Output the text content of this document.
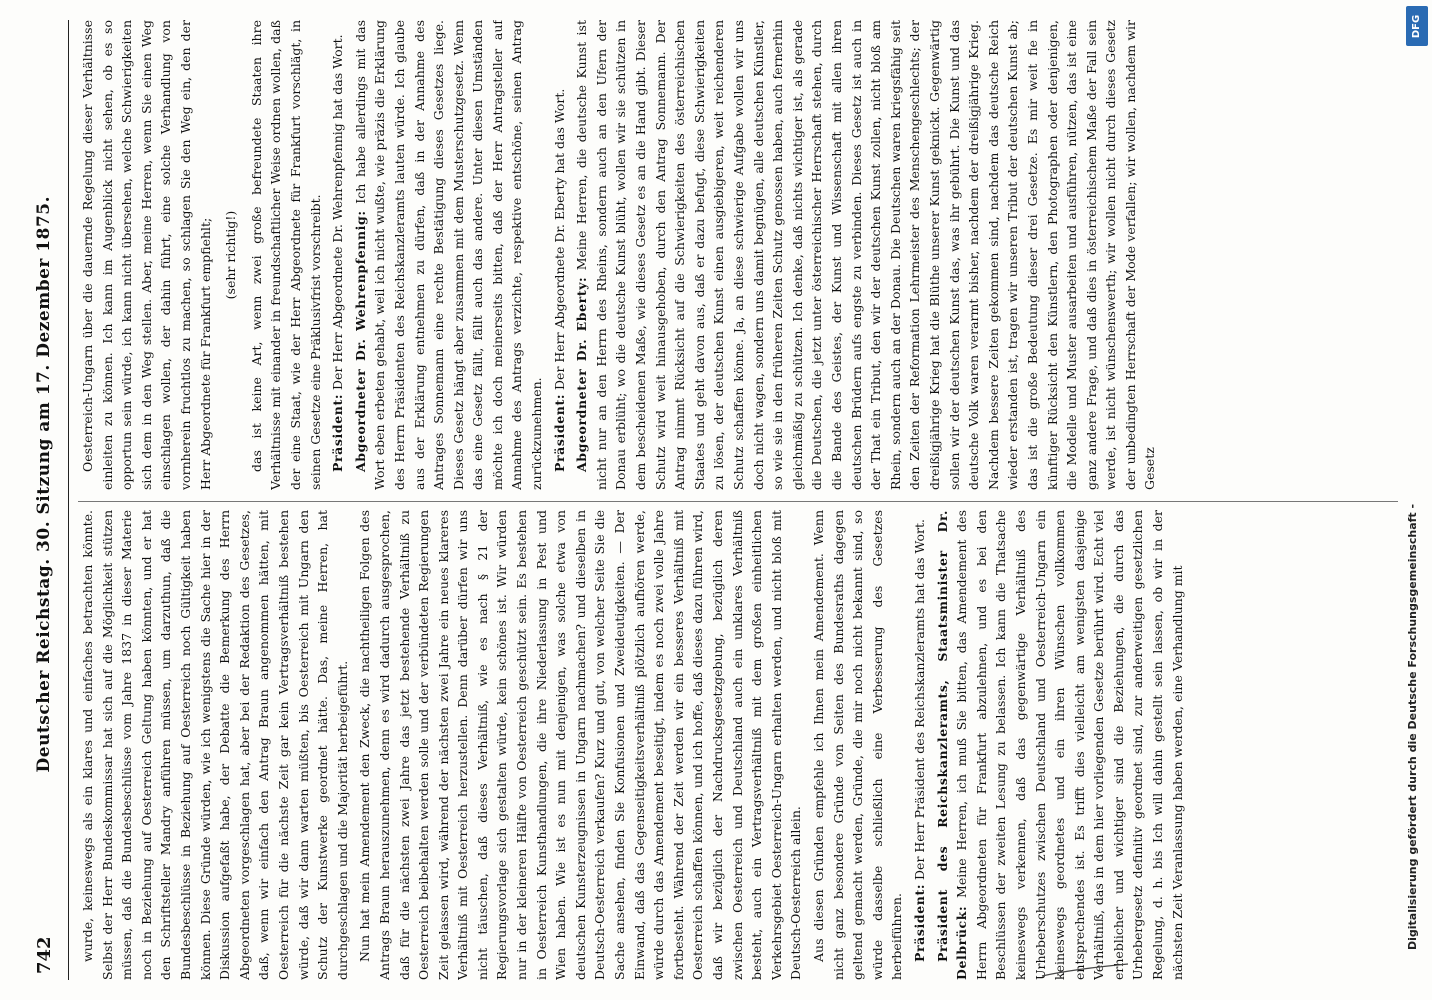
742
Deutscher Reichstag. 30. Sitzung am 17. Dezember 1875. wurde, keineswegs als ein klares und einfaches betrachten könnte. Selbst der Herr Bundeskommissar hat sich auf die Möglichkeit stützen müssen, daß die Bundesbeschlüsse vom Jahre 1837 in dieser Materie noch in Beziehung auf Oesterreich Geltung haben könnten, und er hat den Schriftsteller Mandry anführen müssen, um darzuthun, daß die Bundesbeschlüsse in Beziehung auf Oesterreich noch Gültigkeit haben können. Diese Gründe würden, wie ich wenigstens die Sache hier in der Diskussion aufgefaßt habe, der Debatte die Bemerkung des Herrn Abgeordneten vorgeschlagen hat, aber bei der Redaktion des Gesetzes, daß, wenn wir einfach den Antrag Braun angenommen hätten, mit Oesterreich für die nächste Zeit gar kein Vertragsverhältniß bestehen würde, daß wir dann warten müßten, bis Oesterreich mit Ungarn den Schutz der Kunstwerke geordnet hätte. Das, meine Herren, hat durchgeschlagen und die Majorität herbeigeführt. Nun hat mein Amendement den Zweck, die nachtheiligen Folgen des Antrags Braun herauszunehmen, denn es wird dadurch ausgesprochen, daß für die nächsten zwei Jahre das jetzt bestehende Verhältniß zu Oesterreich beibehalten werden solle und der verbündeten Regierungen Zeit gelassen wird, während der nächsten zwei Jahre ein neues klareres Verhältniß mit Oesterreich herzustellen. Denn darüber dürfen wir uns nicht täuschen, daß dieses Verhältniß, wie es nach § 21 der Regierungsvorlage sich gestalten würde, kein schönes ist. Wir würden nur in der kleineren Hälfte von Oesterreich geschützt sein. Es bestehen in Oesterreich Kunsthandlungen, die ihre Niederlassung in Pest und Wien haben. Wie ist es nun mit denjenigen, was solche etwa von deutschen Kunsterzeugnissen in Ungarn nachmachen? und dieselben in Deutsch-Oesterreich verkaufen? Kurz und gut, von welcher Seite Sie die Sache ansehen, finden Sie Konfusionen und Zweideutigkeiten. — Der Einwand, daß das Gegenseitigkeitsverhältniß plötzlich aufhören werde, würde durch das Amendement beseitigt, indem es noch zwei volle Jahre fortbesteht. Während der Zeit werden wir ein besseres Verhältniß mit Oesterreich schaffen können, und ich hoffe, daß dieses dazu führen wird, daß wir bezüglich der Nachdrucksgesetzgebung, bezüglich deren zwischen Oesterreich und Deutschland auch ein unklares Verhältniß besteht, auch ein Vertragsverhältniß mit dem großen einheitlichen Verkehrsgebiet Oesterreich-Ungarn erhalten werden, und nicht bloß mit Deutsch-Oesterreich allein. Aus diesen Gründen empfehle ich Ihnen mein Amendement. Wenn nicht ganz besondere Gründe von Seiten des Bundesraths dagegen geltend gemacht werden, Gründe, die mir noch nicht bekannt sind, so würde dasselbe schließlich eine Verbesserung des Gesetzes herbeiführen. Präsident: Der Herr Präsident des Reichskanzleramts hat das Wort. Präsident des Reichskanzleramts, Staatsminister Dr. Delbrück: Meine Herren, ich muß Sie bitten, das Amendement des Herrn Abgeordneten für Frankfurt abzulehnen, und es bei den Beschlüssen der zweiten Lesung zu belassen. Ich kann die Thatsache keineswegs verkennen, daß das gegenwärtige Verhältniß des Urheberschutzes zwischen Deutschland und Oesterreich-Ungarn ein keineswegs geordnetes und ein ihren Wünschen vollkommen entsprechendes ist. Es trifft dies vielleicht am wenigsten dasjenige Verhältniß, das in dem hier vorliegenden Gesetze berührt wird. Echt viel erheblicher und wichtiger sind die Beziehungen, die durch das Urhebergesetz definitiv geordnet sind, zur anderweitigen gesetzlichen Regelung, d. h. bis Ich will dahin gestellt sein lassen, ob wir in der nächsten Zeit Veranlassung haben werden, eine Verhandlung mit

Oesterreich-Ungarn über die dauernde Regelung dieser Verhältnisse einleiten zu können. Ich kann im Augenblick nicht sehen, ob es so opportun sein würde, ich kann nicht übersehen, welche Schwierigkeiten sich dem in den Weg stellen. Aber, meine Herren, wenn Sie einen Weg einschlagen wollen, der dahin führt, eine solche Verhandlung von vornherein fruchtlos zu machen, so schlagen Sie den Weg ein, den der Herr Abgeordnete für Frankfurt empfiehlt; (sehr richtig!) das ist keine Art, wenn zwei große befreundete Staaten ihre Verhältnisse mit einander in freundschaftlicher Weise ordnen wollen, daß der eine Staat, wie der Herr Abgeordnete für Frankfurt vorschlägt, in seinen Gesetze eine Präklusivfrist vorschreibt. Präsident: Der Herr Abgeordnete Dr. Wehrenpfennig hat das Wort. Abgeordneter Dr. Wehrenpfennig: Ich habe allerdings mit das Wort eben erbeten gehabt, weil ich nicht wußte, wie präzis die Erklärung des Herrn Präsidenten des Reichskanzleramts lauten würde. Ich glaube aus der Erklärung entnehmen zu dürfen, daß in der Annahme des Antrages Sonnemann eine rechte Bestätigung dieses Gesetzes liege. Dieses Gesetz hängt aber zusammen mit dem Musterschutzgesetz. Wenn das eine Gesetz fällt, fällt auch das andere. Unter diesen Umständen möchte ich doch meinerseits bitten, daß der Herr Antragsteller auf Annahme des Antrags verzichte, respektive entschöne, seinen Antrag zurückzunehmen. Präsident: Der Herr Abgeordnete Dr. Eberty hat das Wort. Abgeordneter Dr. Eberty: Meine Herren, die deutsche Kunst ist nicht nur an den Herrn des Rheins, sondern auch an den Ufern der Donau erblüht; wo die deutsche Kunst blüht, wollen wir sie schützen in dem bescheidenen Maße, wie dieses Gesetz es an die Hand gibt. Dieser Schutz wird weit hinausgehoben, durch den Antrag Sonnemann. Der Antrag nimmt Rücksicht auf die Schwierigkeiten des österreichischen Staates und geht davon aus, daß er dazu befugt, diese Schwierigkeiten zu lösen, der deutschen Kunst einen ausgiebigeren, weit reichenderen Schutz schaffen könne. Ja, an diese schwierige Aufgabe wollen wir uns doch nicht wagen, sondern uns damit begnügen, alle deutschen Künstler, so wie sie in den früheren Zeiten Schutz genossen haben, auch fernerhin gleichmäßig zu schützen. Ich denke, daß nichts wichtiger ist, als gerade die Deutschen, die jetzt unter österreichischer Herrschaft stehen, durch die Bande des Geistes, der Kunst und Wissenschaft mit allen ihren deutschen Brüdern aufs engste zu verbinden. Dieses Gesetz ist auch in der That ein Tribut, den wir der deutschen Kunst zollen, nicht bloß am Rhein, sondern auch an der Donau. Die Deutschen waren kriegsfähig seit den Zeiten der Reformation Lehrmeister des Menschengeschlechts; der dreißigjährige Krieg hat die Blüthe unserer Kunst geknickt. Gegenwärtig sollen wir der deutschen Kunst das, was ihr gebührt. Die Kunst und das deutsche Volk waren verarmt bisher, nachdem der dreißigjährige Krieg. Nachdem bessere Zeiten gekommen sind, nachdem das deutsche Reich wieder erstanden ist, tragen wir unseren Tribut der deutschen Kunst ab; das ist die große Bedeutung dieser drei Gesetze. Es mir weit fie in künftiger Rücksicht den Künstlern, den Photographen oder denjenigen, die Modelle und Muster ausarbeiten und ausführen, nützen, das ist eine ganz andere Frage, und daß dies in österreichischem Maße der Fall sein werde, ist nicht wünschenswerth; wir wollen nicht durch dieses Gesetz der unbedingten Herrschaft der Mode verfallen; wir wollen, nachdem wir Gesetz

Digitalisierung gefördert durch die Deutsche Forschungsgemeinschaft -
DFG
